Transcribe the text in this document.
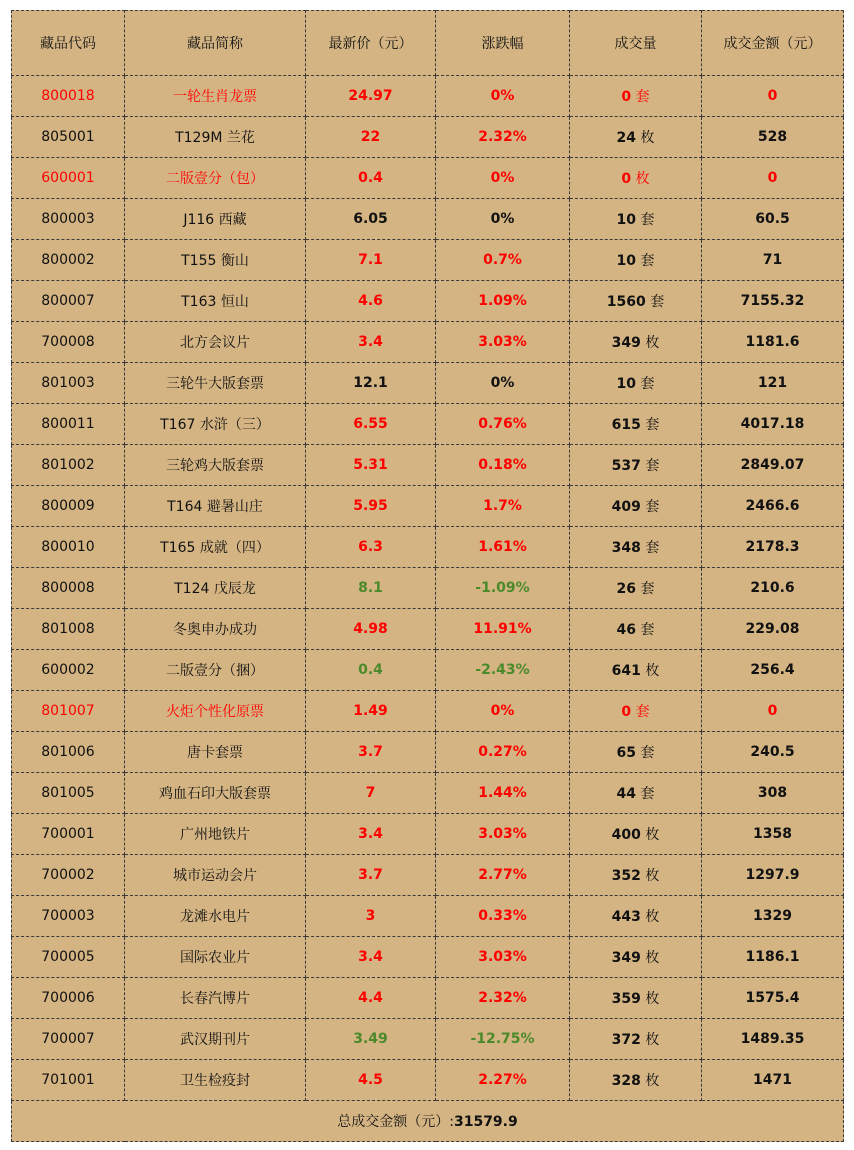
藏品代码	藏品简称	最新价（元）	涨跌幅	成交量	成交金额（元）
800018	一轮生肖龙票	24.97	0%	0 套	0
805001	T129M 兰花	22	2.32%	24 枚	528
600001	二版壹分（包）	0.4	0%	0 枚	0
800003	J116 西藏	6.05	0%	10 套	60.5
800002	T155 衡山	7.1	0.7%	10 套	71
800007	T163 恒山	4.6	1.09%	1560 套	7155.32
700008	北方会议片	3.4	3.03%	349 枚	1181.6
801003	三轮牛大版套票	12.1	0%	10 套	121
800011	T167 水浒（三）	6.55	0.76%	615 套	4017.18
801002	三轮鸡大版套票	5.31	0.18%	537 套	2849.07
800009	T164 避暑山庄	5.95	1.7%	409 套	2466.6
800010	T165 成就（四）	6.3	1.61%	348 套	2178.3
800008	T124 戊辰龙	8.1	-1.09%	26 套	210.6
801008	冬奥申办成功	4.98	11.91%	46 套	229.08
600002	二版壹分（捆）	0.4	-2.43%	641 枚	256.4
801007	火炬个性化原票	1.49	0%	0 套	0
801006	唐卡套票	3.7	0.27%	65 套	240.5
801005	鸡血石印大版套票	7	1.44%	44 套	308
700001	广州地铁片	3.4	3.03%	400 枚	1358
700002	城市运动会片	3.7	2.77%	352 枚	1297.9
700003	龙滩水电片	3	0.33%	443 枚	1329
700005	国际农业片	3.4	3.03%	349 枚	1186.1
700006	长春汽博片	4.4	2.32%	359 枚	1575.4
700007	武汉期刊片	3.49	-12.75%	372 枚	1489.35
701001	卫生检疫封	4.5	2.27%	328 枚	1471
总成交金额（元）:31579.9					
